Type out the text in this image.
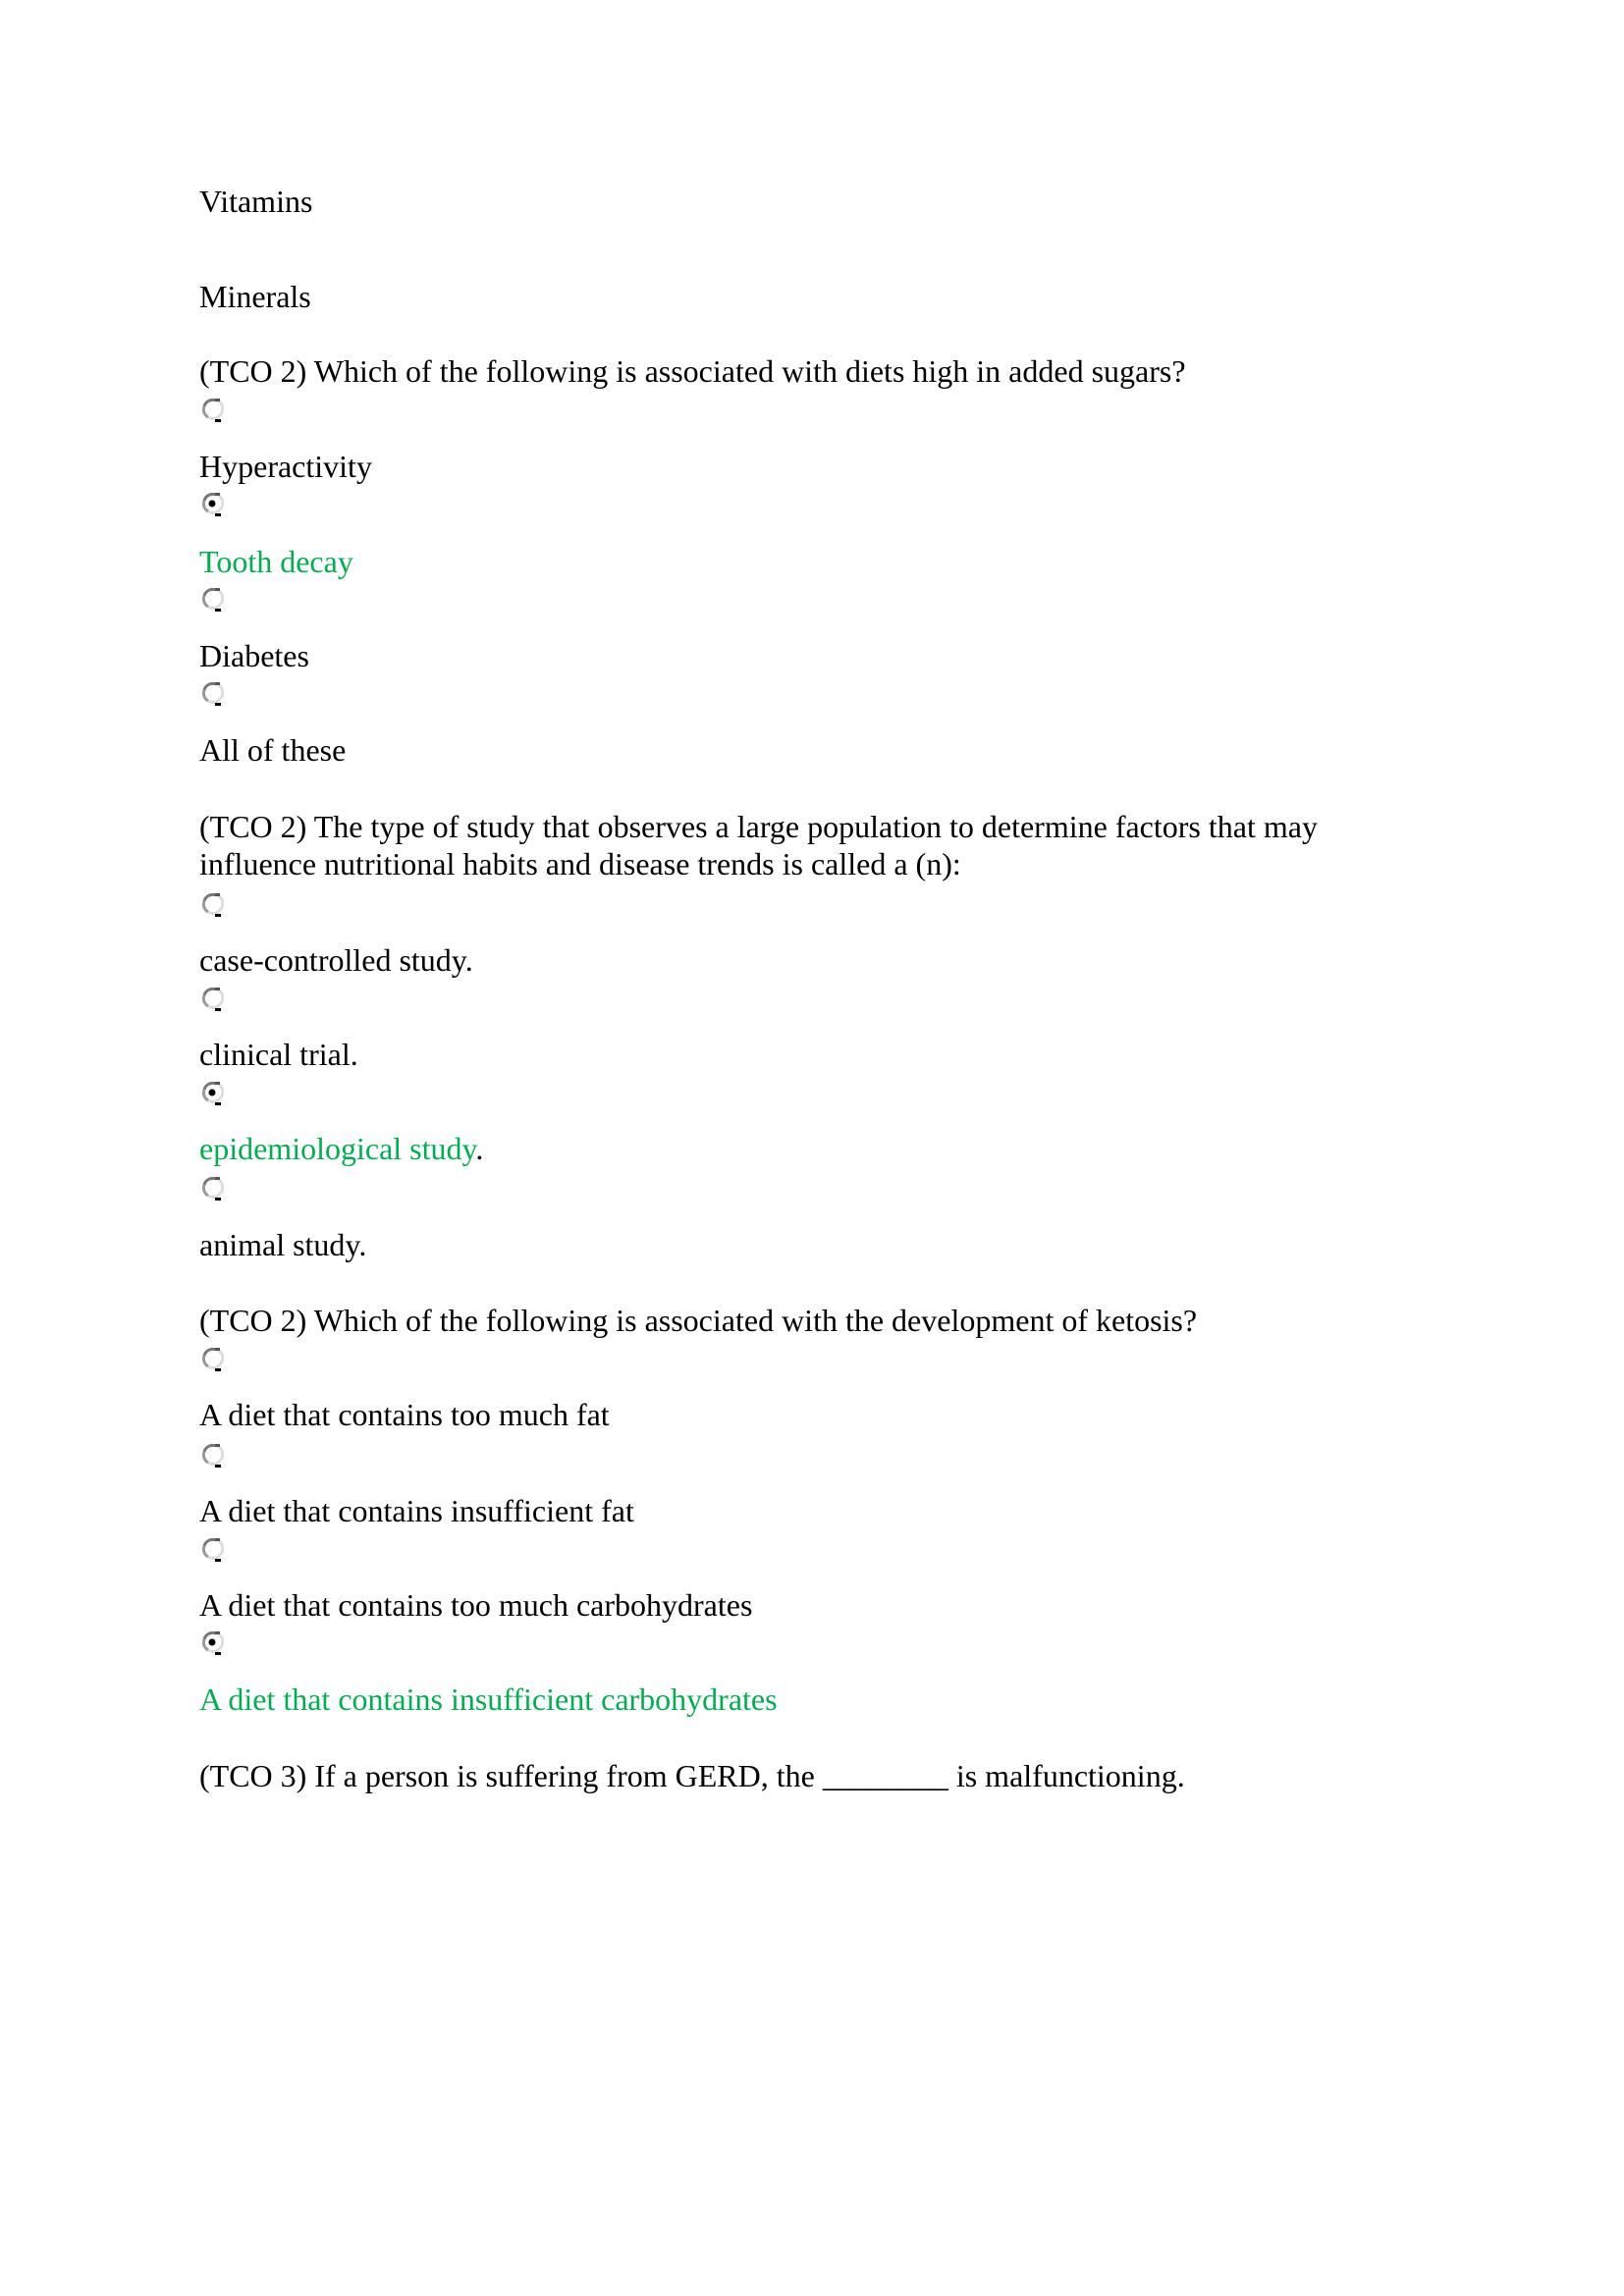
Vitamins
Minerals
(TCO 2) Which of the following is associated with diets high in added sugars?
Hyperactivity
Tooth decay
Diabetes
All of these
(TCO 2) The type of study that observes a large population to determine factors that may
influence nutritional habits and disease trends is called a (n):
case-controlled study.
clinical trial.
epidemiological study.
animal study.
(TCO 2) Which of the following is associated with the development of ketosis?
A diet that contains too much fat
A diet that contains insufficient fat
A diet that contains too much carbohydrates
A diet that contains insufficient carbohydrates
(TCO 3) If a person is suffering from GERD, the ________ is malfunctioning.
